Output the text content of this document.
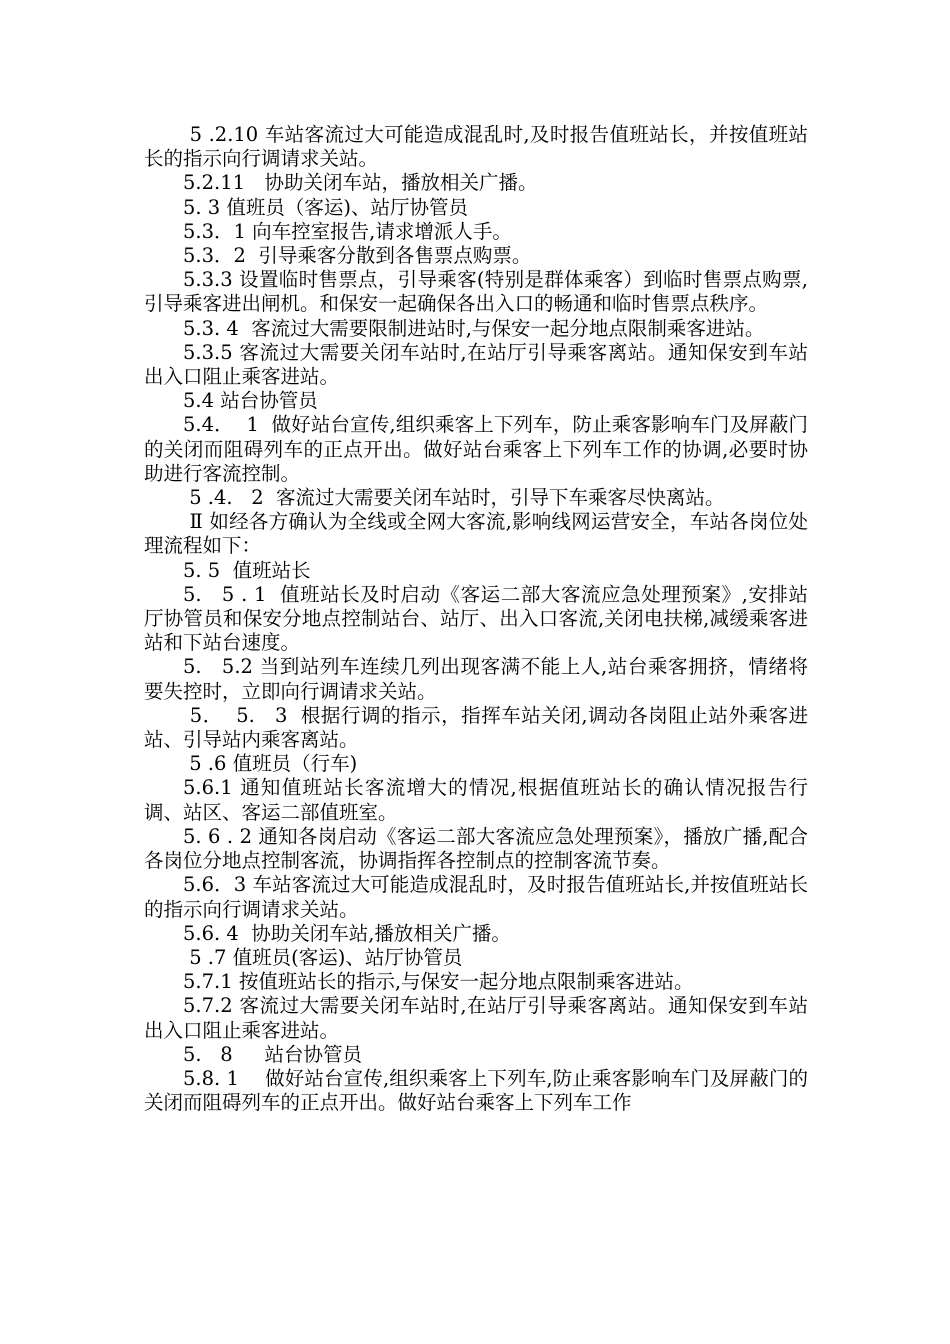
5 .2.10 车站客流过大可能造成混乱时,及时报告值班站长，并按值班站长的指示向行调请求关站。

5.2.11　协助关闭车站，播放相关广播。

5. 3 值班员（客运)、站厅协管员

5.3．1 向车控室报告,请求增派人手。

5.3．2  引导乘客分散到各售票点购票。

5.3.3 设置临时售票点，引导乘客(特别是群体乘客）到临时售票点购票,引导乘客进出闸机。和保安一起确保各出入口的畅通和临时售票点秩序。

5.3. 4  客流过大需要限制进站时,与保安一起分地点限制乘客进站。

5.3.5 客流过大需要关闭车站时,在站厅引导乘客离站。通知保安到车站出入口阻止乘客进站。

5.4 站台协管员

5.4．  1  做好站台宣传,组织乘客上下列车，防止乘客影响车门及屏蔽门的关闭而阻碍列车的正点开出。做好站台乘客上下列车工作的协调,必要时协助进行客流控制。

5 .4.   2  客流过大需要关闭车站时，引导下车乘客尽快离站。

Ⅱ 如经各方确认为全线或全网大客流,影响线网运营安全，车站各岗位处理流程如下：

5. 5  值班站长

5.   5 . 1  值班站长及时启动《客运二部大客流应急处理预案》,安排站厅协管员和保安分地点控制站台、站厅、出入口客流,关闭电扶梯,减缓乘客进站和下站台速度。

5.   5.2 当到站列车连续几列出现客满不能上人,站台乘客拥挤，情绪将要失控时，立即向行调请求关站。

5．  5.   3  根据行调的指示，指挥车站关闭,调动各岗阻止站外乘客进站、引导站内乘客离站。

5 .6 值班员（行车)

5.6.1 通知值班站长客流增大的情况,根据值班站长的确认情况报告行调、站区、客运二部值班室。

5. 6 . 2 通知各岗启动《客运二部大客流应急处理预案》，播放广播,配合各岗位分地点控制客流，协调指挥各控制点的控制客流节奏。

5.6．3 车站客流过大可能造成混乱时，及时报告值班站长,并按值班站长的指示向行调请求关站。

5.6. 4  协助关闭车站,播放相关广播。

5 .7 值班员(客运)、站厅协管员

5.7.1 按值班站长的指示,与保安一起分地点限制乘客进站。

5.7.2 客流过大需要关闭车站时,在站厅引导乘客离站。通知保安到车站出入口阻止乘客进站。

5.   8　  站台协管员

5.8. 1　 做好站台宣传,组织乘客上下列车,防止乘客影响车门及屏蔽门的关闭而阻碍列车的正点开出。做好站台乘客上下列车工作
